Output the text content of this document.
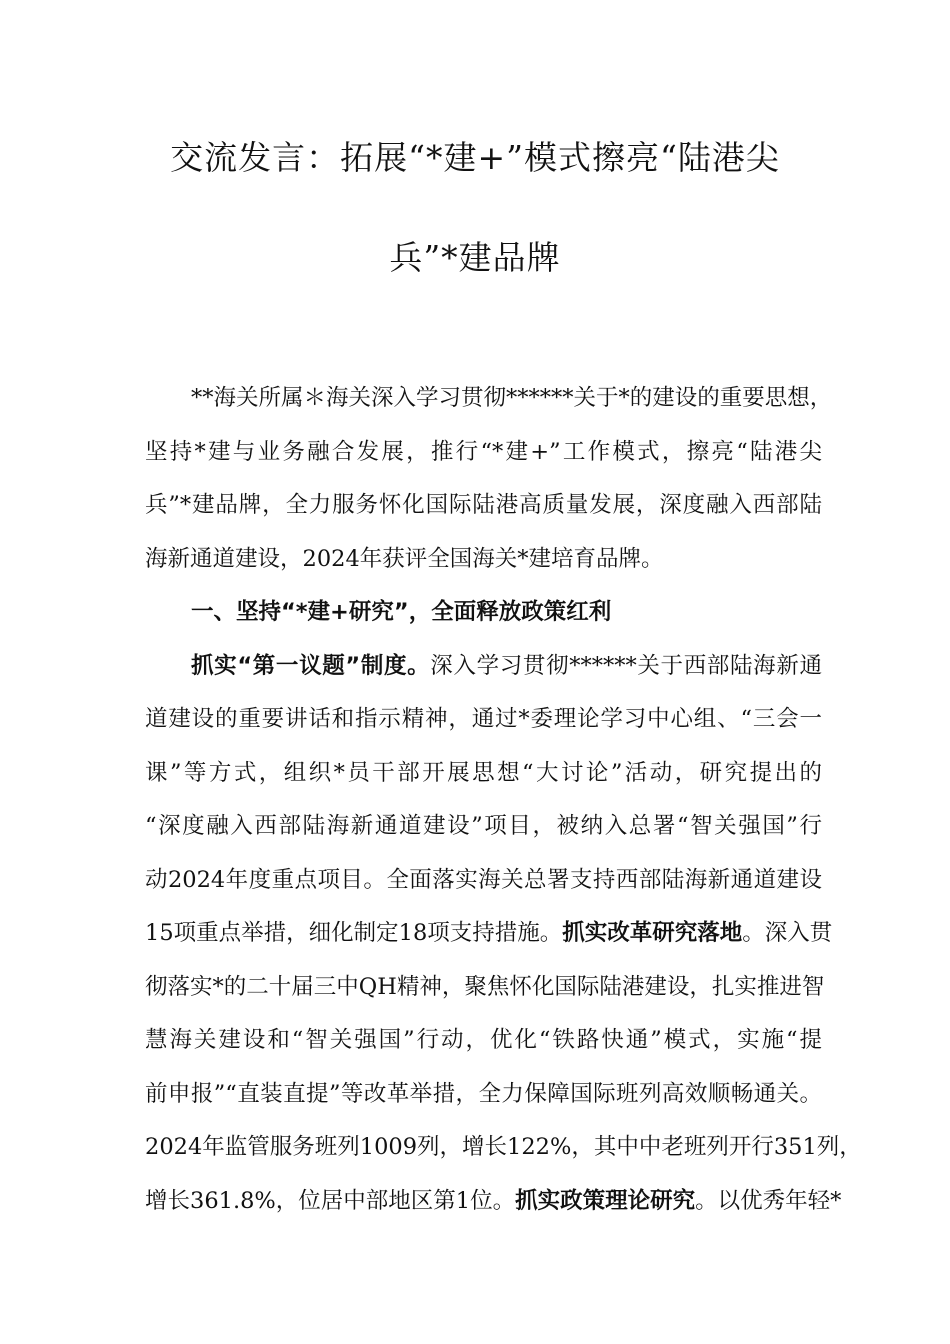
交流发言：拓展“*建+”模式擦亮“陆港尖
兵”*建品牌
**海关所属＊海关深入学习贯彻******关于*的建设的重要思想，
坚持*建与业务融合发展，推行“*建+”工作模式，擦亮“陆港尖
兵”*建品牌，全力服务怀化国际陆港高质量发展，深度融入西部陆
海新通道建设，2024年获评全国海关*建培育品牌。
一、坚持“*建+研究”，全面释放政策红利
抓实“第一议题”制度。深入学习贯彻******关于西部陆海新通
道建设的重要讲话和指示精神，通过*委理论学习中心组、“三会一
课”等方式，组织*员干部开展思想“大讨论”活动，研究提出的
“深度融入西部陆海新通道建设”项目，被纳入总署“智关强国”行
动2024年度重点项目。全面落实海关总署支持西部陆海新通道建设
15项重点举措，细化制定18项支持措施。抓实改革研究落地。深入贯
彻落实*的二十届三中QH精神，聚焦怀化国际陆港建设，扎实推进智
慧海关建设和“智关强国”行动，优化“铁路快通”模式，实施“提
前申报”“直装直提”等改革举措，全力保障国际班列高效顺畅通关。
2024年监管服务班列1009列，增长122%，其中中老班列开行351列，
增长361.8%，位居中部地区第1位。抓实政策理论研究。以优秀年轻*
